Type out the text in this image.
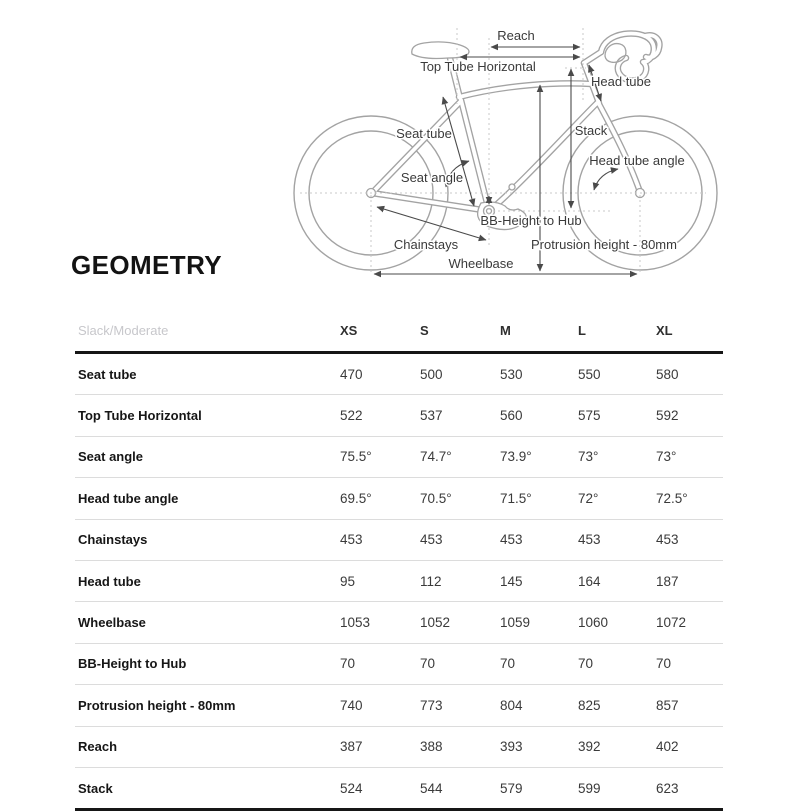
Reach
Top Tube Horizontal
Head tube
Seat tube	Stack
Seat angle
Head tube angle
BB-Height to Hub
Chainstays	Protrusion height - 80mm
Wheelbase
GEOMETRY
Slack/Moderate	XS	S	M	L	XL
Seat tube	470	500	530	550	580
Top Tube Horizontal	522	537	560	575	592
Seat angle	75.5°	74.7°	73.9°	73°	73°
Head tube angle	69.5°	70.5°	71.5°	72°	72.5°
Chainstays	453	453	453	453	453
Head tube	95	112	145	164	187
Wheelbase	1053	1052	1059	1060	1072
BB-Height to Hub	70	70	70	70	70
Protrusion height - 80mm	740	773	804	825	857
Reach	387	388	393	392	402
Stack	524	544	579	599	623
